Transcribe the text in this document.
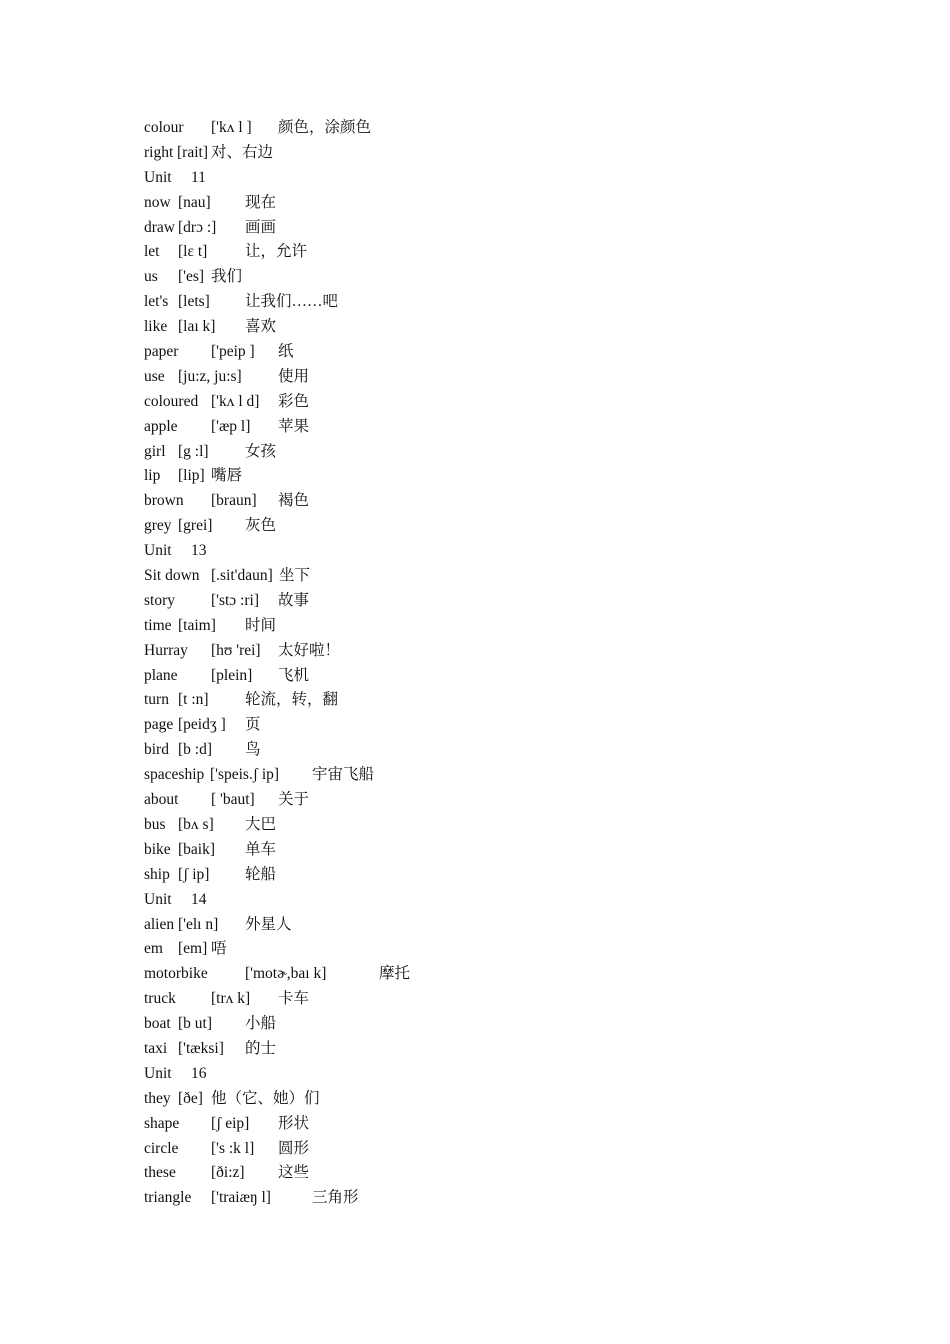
colour ['kʌ l ] 颜色，涂颜色
right [rait] 对、右边
Unit 11
now [nau] 现在
draw [drɔ :] 画画
let [lɛ t] 让，允许
us ['es] 我们
let's [lets] 让我们……吧
like [laı k] 喜欢
paper ['peip ] 纸
use [ju:z, ju:s] 使用
coloured ['kʌ l d] 彩色
apple ['æp l] 苹果
girl [g :l] 女孩
lip [lip] 嘴唇
brown [braun] 褐色
grey [grei] 灰色
Unit 13
Sit down [.sit'daun] 坐下
story ['stɔ :ri] 故事
time [taim] 时间
Hurray [hʊ 'rei] 太好啦！
plane [plein] 飞机
turn [t :n] 轮流，转，翻
page [peidʒ ] 页
bird [b :d] 鸟
spaceship ['speis.ʃ ip] 宇宙飞船
about [ 'baut] 关于
bus [bʌ s] 大巴
bike [baik] 单车
ship [ʃ ip] 轮船
Unit 14
alien ['elı n] 外星人
em [em] 唔
motorbike ['motɚ,baı k]	摩托
truck [trʌ k] 卡车
boat [b ut] 小船
taxi ['tæksi] 的士
Unit 16
they [ðe] 他（它、她）们
shape [ʃ eip] 形状
circle ['s :k l] 圆形
these [ði:z] 这些
triangle ['traiæŋ l]	三角形
